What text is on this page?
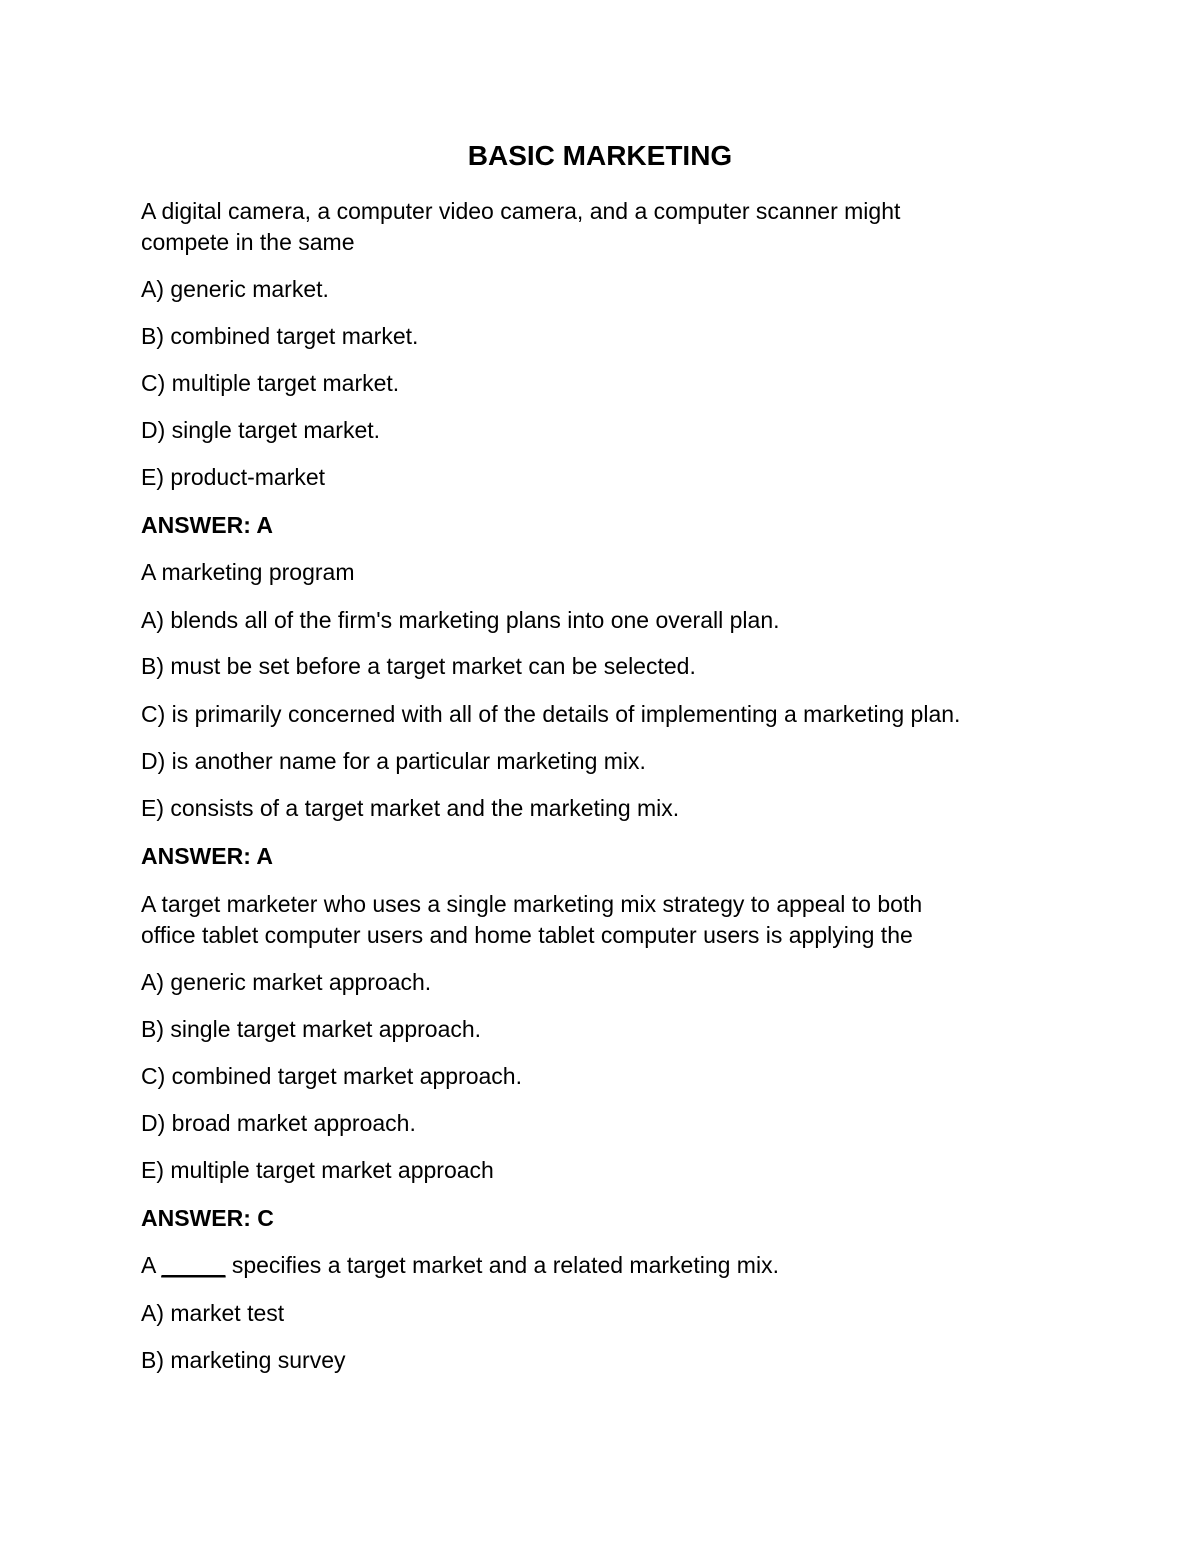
BASIC MARKETING

A digital camera, a computer video camera, and a computer scanner might

compete in the same

A) generic market.

B) combined target market.

C) multiple target market.

D) single target market.

E) product-market

ANSWER: A

A marketing program

A) blends all of the firm's marketing plans into one overall plan.

B) must be set before a target market can be selected.

C) is primarily concerned with all of the details of implementing a marketing plan.

D) is another name for a particular marketing mix.

E) consists of a target market and the marketing mix.

ANSWER: A

A target marketer who uses a single marketing mix strategy to appeal to both

office tablet computer users and home tablet computer users is applying the

A) generic market approach.

B) single target market approach.

C) combined target market approach.

D) broad market approach.

E) multiple target market approach

ANSWER: C

A _____ specifies a target market and a related marketing mix.

A) market test

B) marketing survey
